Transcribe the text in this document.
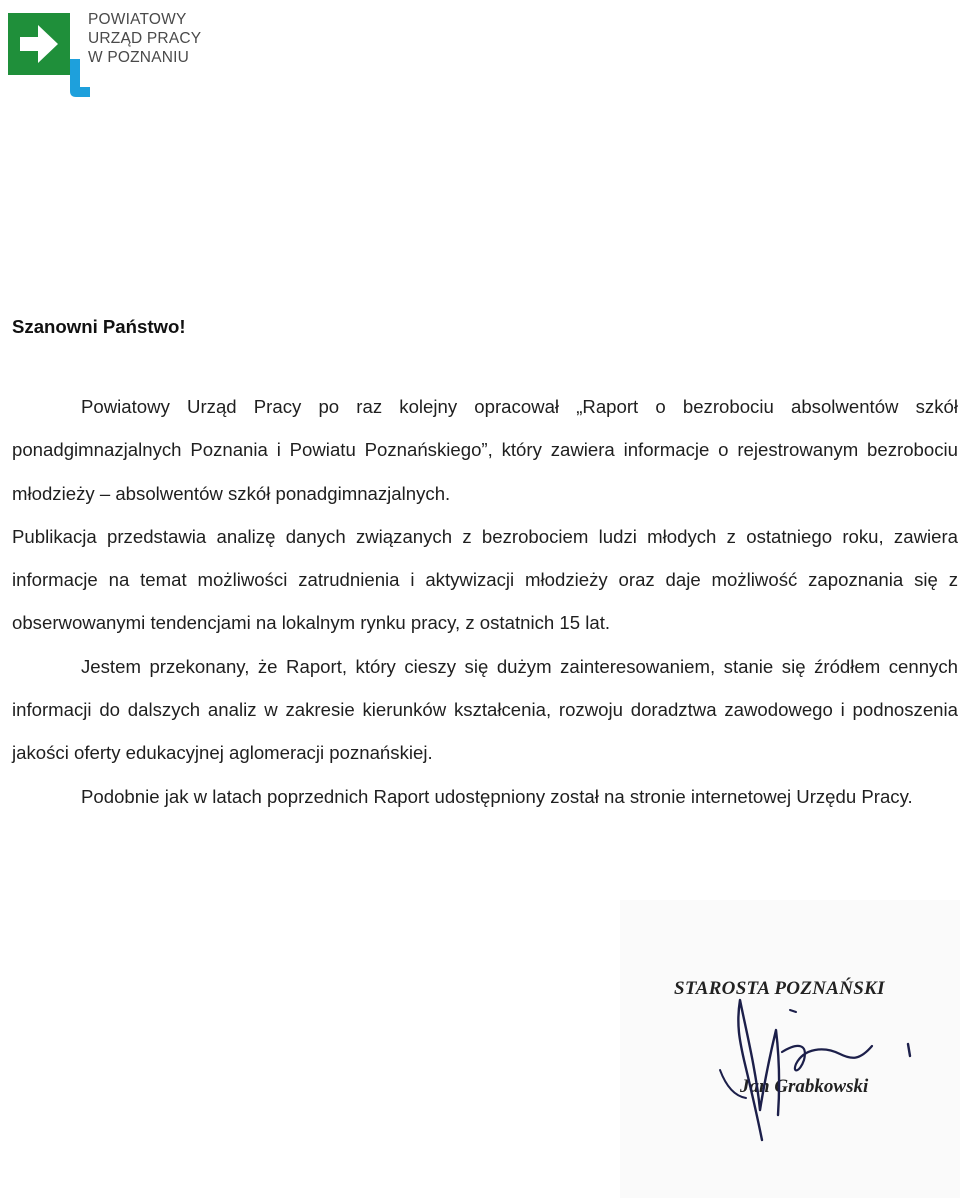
POWIATOWY
URZĄD PRACY
W POZNANIU

Szanowni Państwo!

Powiatowy Urząd Pracy po raz kolejny opracował „Raport o bezrobociu absolwentów szkół ponadgimnazjalnych Poznania i Powiatu Poznańskiego”, który zawiera informacje o rejestrowanym bezrobociu młodzieży – absolwentów szkół ponadgimnazjalnych.

Publikacja przedstawia analizę danych związanych z bezrobociem ludzi młodych z ostatniego roku, zawiera informacje na temat możliwości zatrudnienia i aktywizacji młodzieży oraz daje możliwość zapoznania się z obserwowanymi tendencjami na lokalnym rynku pracy, z ostatnich 15 lat.

Jestem przekonany, że Raport, który cieszy się dużym zainteresowaniem, stanie się źródłem cennych informacji do dalszych analiz w zakresie kierunków kształcenia, rozwoju doradztwa zawodowego i podnoszenia jakości oferty edukacyjnej aglomeracji poznańskiej.

Podobnie jak w latach poprzednich Raport udostępniony został na stronie internetowej Urzędu Pracy.

STAROSTA POZNAŃSKI
Jan Grabkowski
